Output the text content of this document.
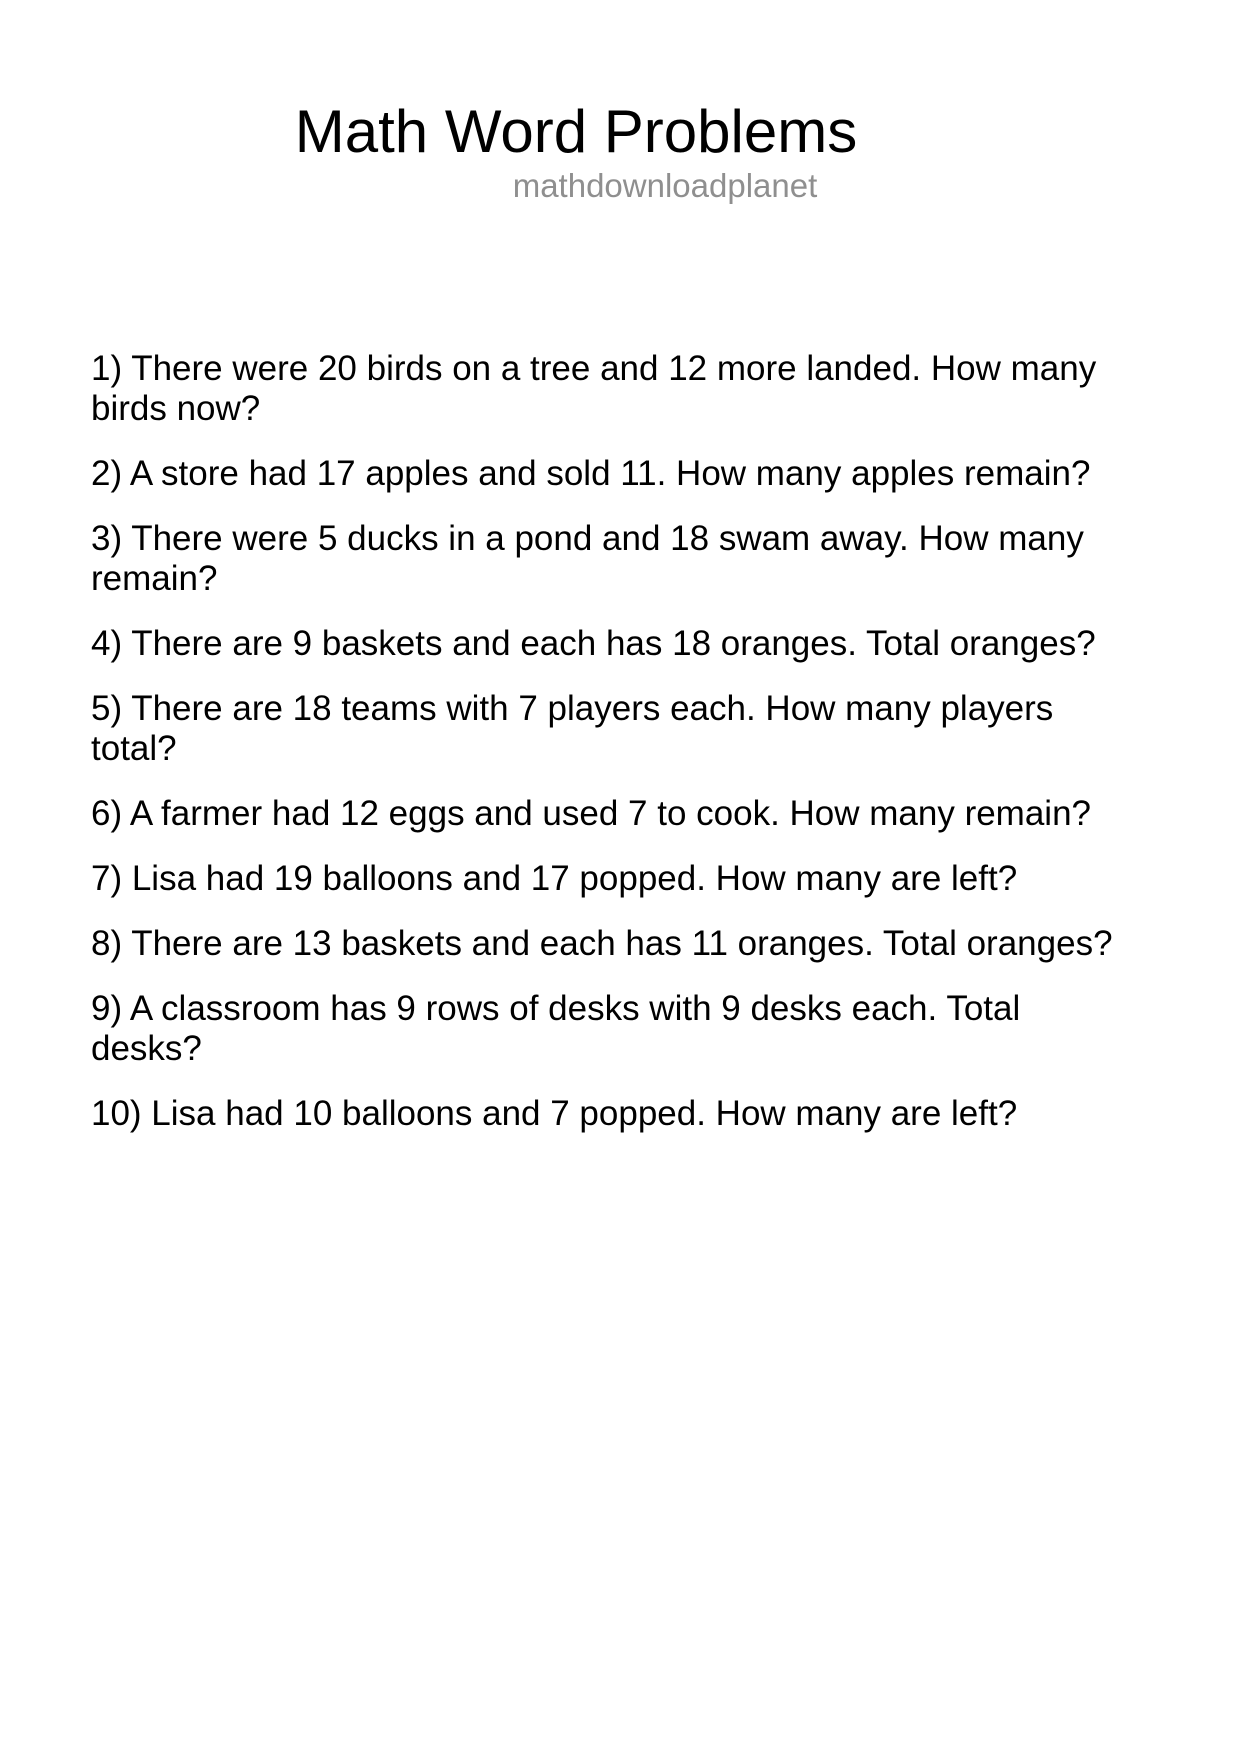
Math Word Problems
mathdownloadplanet

1) There were 20 birds on a tree and 12 more landed. How many birds now?

2) A store had 17 apples and sold 11. How many apples remain?

3) There were 5 ducks in a pond and 18 swam away. How many remain?

4) There are 9 baskets and each has 18 oranges. Total oranges?

5) There are 18 teams with 7 players each. How many players total?

6) A farmer had 12 eggs and used 7 to cook. How many remain?

7) Lisa had 19 balloons and 17 popped. How many are left?

8) There are 13 baskets and each has 11 oranges. Total oranges?

9) A classroom has 9 rows of desks with 9 desks each. Total desks?

10) Lisa had 10 balloons and 7 popped. How many are left?
